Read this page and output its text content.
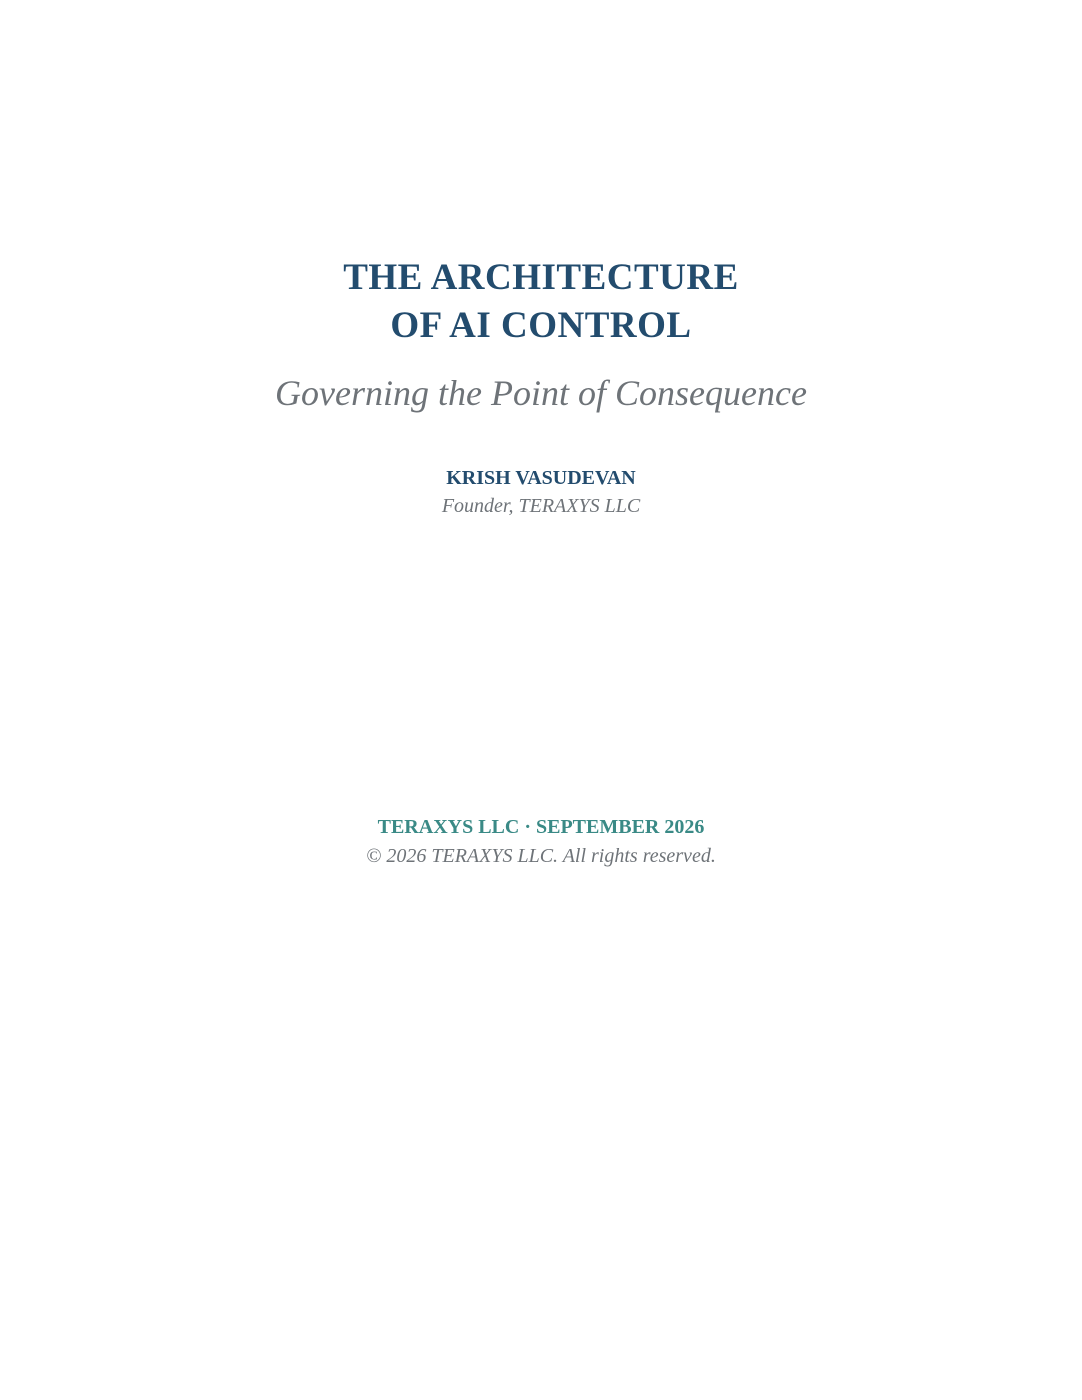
THE ARCHITECTURE
OF AI CONTROL
Governing the Point of Consequence
KRISH VASUDEVAN
Founder, TERAXYS LLC
TERAXYS LLC · SEPTEMBER 2026
© 2026 TERAXYS LLC. All rights reserved.
